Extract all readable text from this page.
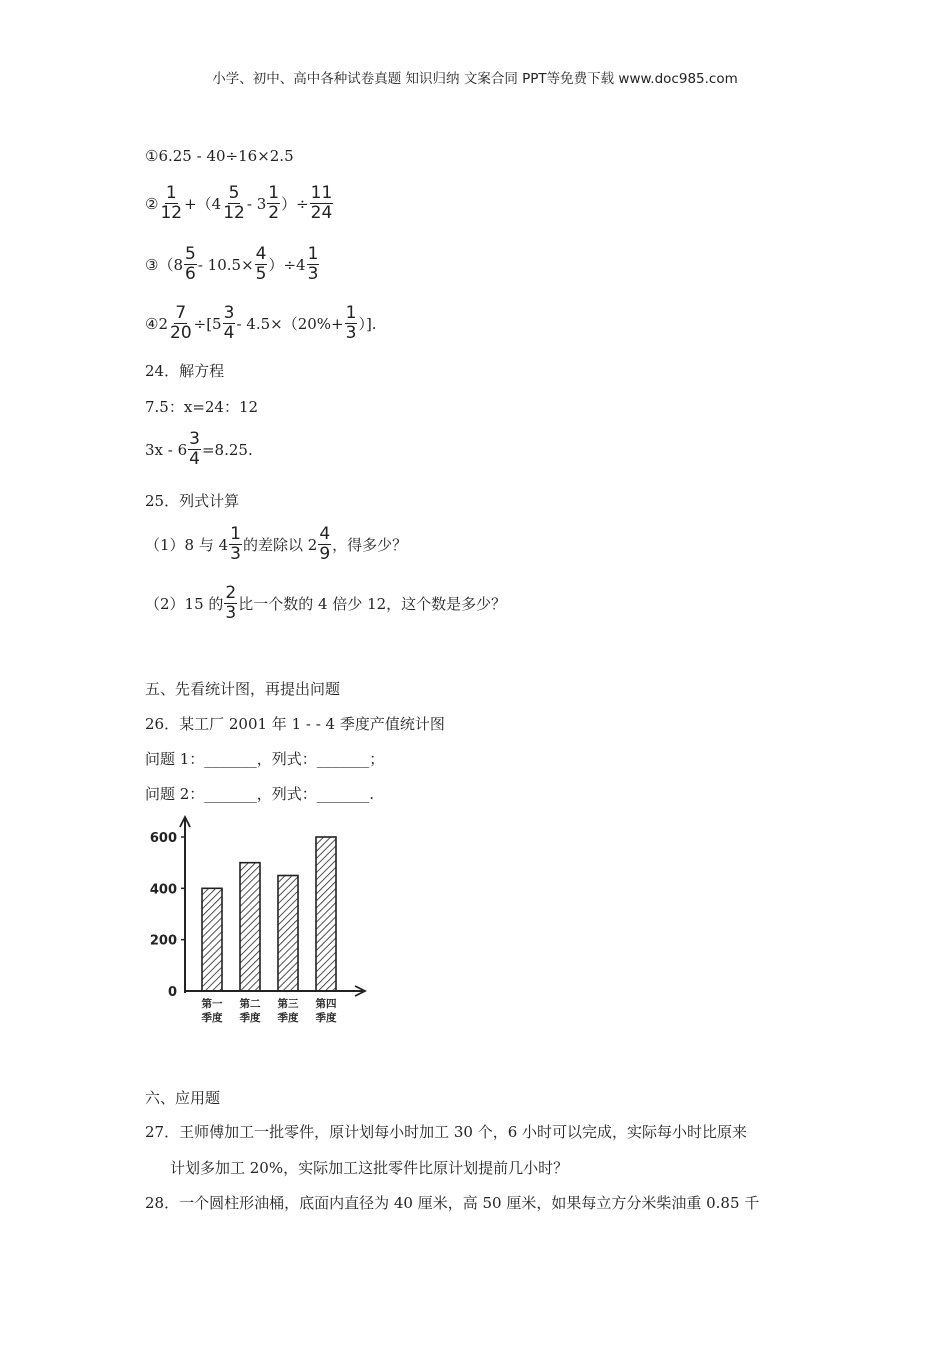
小学、初中、高中各种试卷真题 知识归纳 文案合同 PPT等免费下载 www.doc985.com
①6.25 - 40÷16×2.5
②
1
12 +（4
5
12 - 3
1
2 ）÷ $\frac{11}{24}$
③（8
5
$6 - 10.5\times \frac{4}{5} )\div 4$
1
3
④2 $\frac{7}{20} \div[5$
3
$4 - 4.5\times(20\%+ \frac{1}{3}$ ）].
24．解方程
7.5：x=24：12
$3x - 6 \frac{3}{4} =8.25$.
25．列式计算
（1）8 与 4
1
3 的差除以 2
4
9 ，得多少？
（2）15 的
2
3 比一个数的 4 倍少 12，这个数是多少？
五、先看统计图，再提出问题
26．某工厂 2001 年 1 - - 4 季度产值统计图
问题 1：_______，列式：_______；
问题 2：_______，列式：_______.
0
200
400
600
第一
季度
第二
季度
第三
季度
第四
季度
六、应用题
27．王师傅加工一批零件，原计划每小时加工 30 个，6 小时可以完成，实际每小时比原来
计划多加工 20%，实际加工这批零件比原计划提前几小时？
28．一个圆柱形油桶，底面内直径为 40 厘米，高 50 厘米，如果每立方分米柴油重 0.85 千
